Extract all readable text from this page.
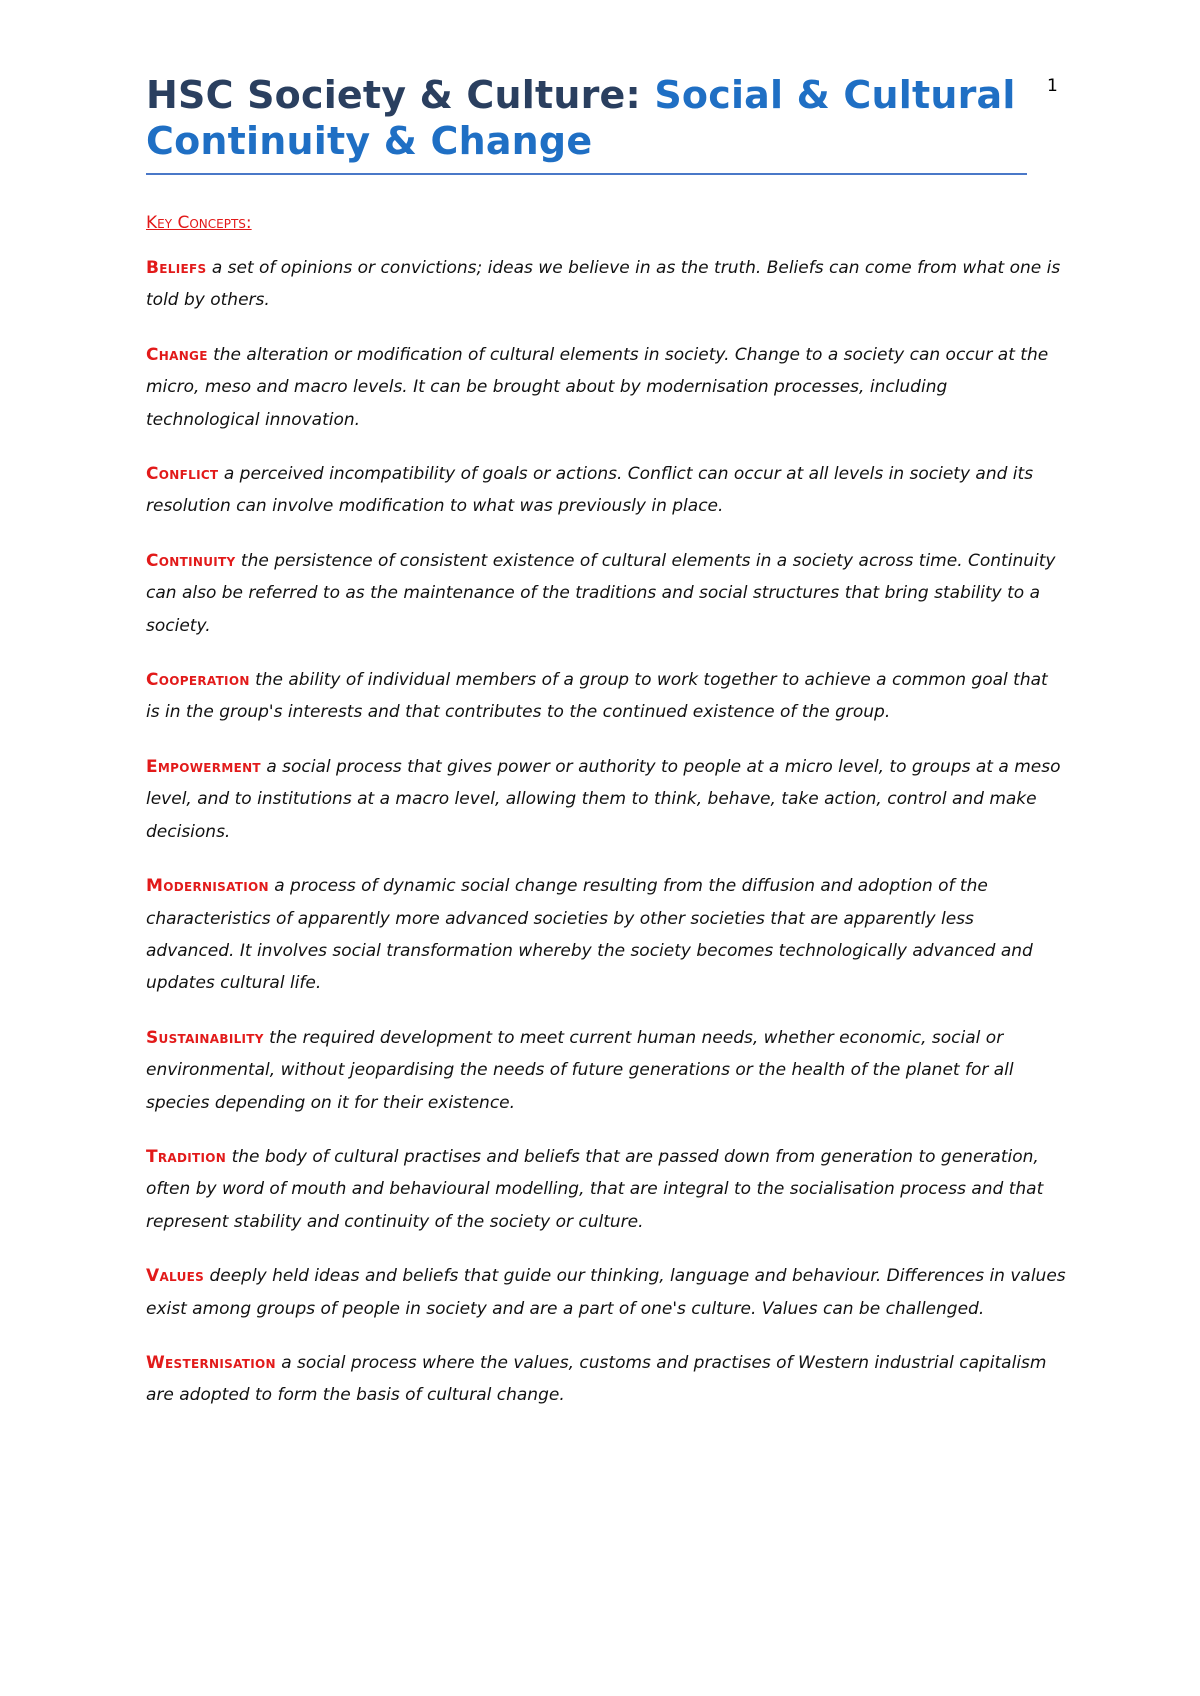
1
HSC Society & Culture: Social & Cultural Continuity & Change
Key Concepts:

Beliefs a set of opinions or convictions; ideas we believe in as the truth. Beliefs can come from what one is told by others.

Change the alteration or modification of cultural elements in society. Change to a society can occur at the micro, meso and macro levels. It can be brought about by modernisation processes, including technological innovation.

Conflict a perceived incompatibility of goals or actions. Conflict can occur at all levels in society and its resolution can involve modification to what was previously in place.

Continuity the persistence of consistent existence of cultural elements in a society across time. Continuity can also be referred to as the maintenance of the traditions and social structures that bring stability to a society.

Cooperation the ability of individual members of a group to work together to achieve a common goal that is in the group's interests and that contributes to the continued existence of the group.

Empowerment a social process that gives power or authority to people at a micro level, to groups at a meso level, and to institutions at a macro level, allowing them to think, behave, take action, control and make decisions.

Modernisation a process of dynamic social change resulting from the diffusion and adoption of the characteristics of apparently more advanced societies by other societies that are apparently less advanced. It involves social transformation whereby the society becomes technologically advanced and updates cultural life.

Sustainability the required development to meet current human needs, whether economic, social or environmental, without jeopardising the needs of future generations or the health of the planet for all species depending on it for their existence.

Tradition the body of cultural practises and beliefs that are passed down from generation to generation, often by word of mouth and behavioural modelling, that are integral to the socialisation process and that represent stability and continuity of the society or culture.

Values deeply held ideas and beliefs that guide our thinking, language and behaviour. Differences in values exist among groups of people in society and are a part of one's culture. Values can be challenged.

Westernisation a social process where the values, customs and practises of Western industrial capitalism are adopted to form the basis of cultural change.
